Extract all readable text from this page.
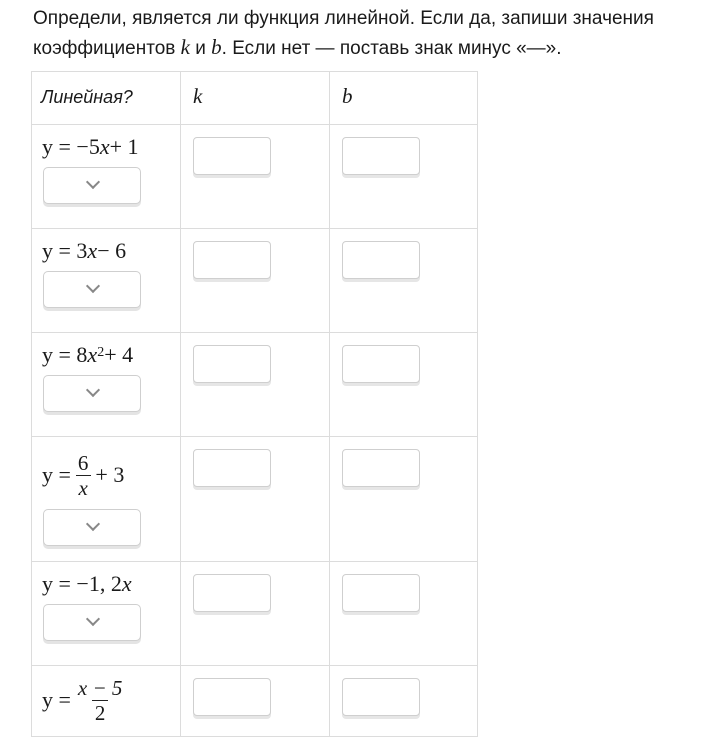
Определи, является ли функция линейной. Если да, запиши значения коэффициентов k и b. Если нет — поставь знак минус «—».
Линейная?	k	b

y = −5 x + 1		

y = 3 x − 6		

y = 8 $x^2 + 4$		

$y = \frac{6}{x} + 3$		

y = −1, 2 x		

$y = \frac{x - 5}{2}$
